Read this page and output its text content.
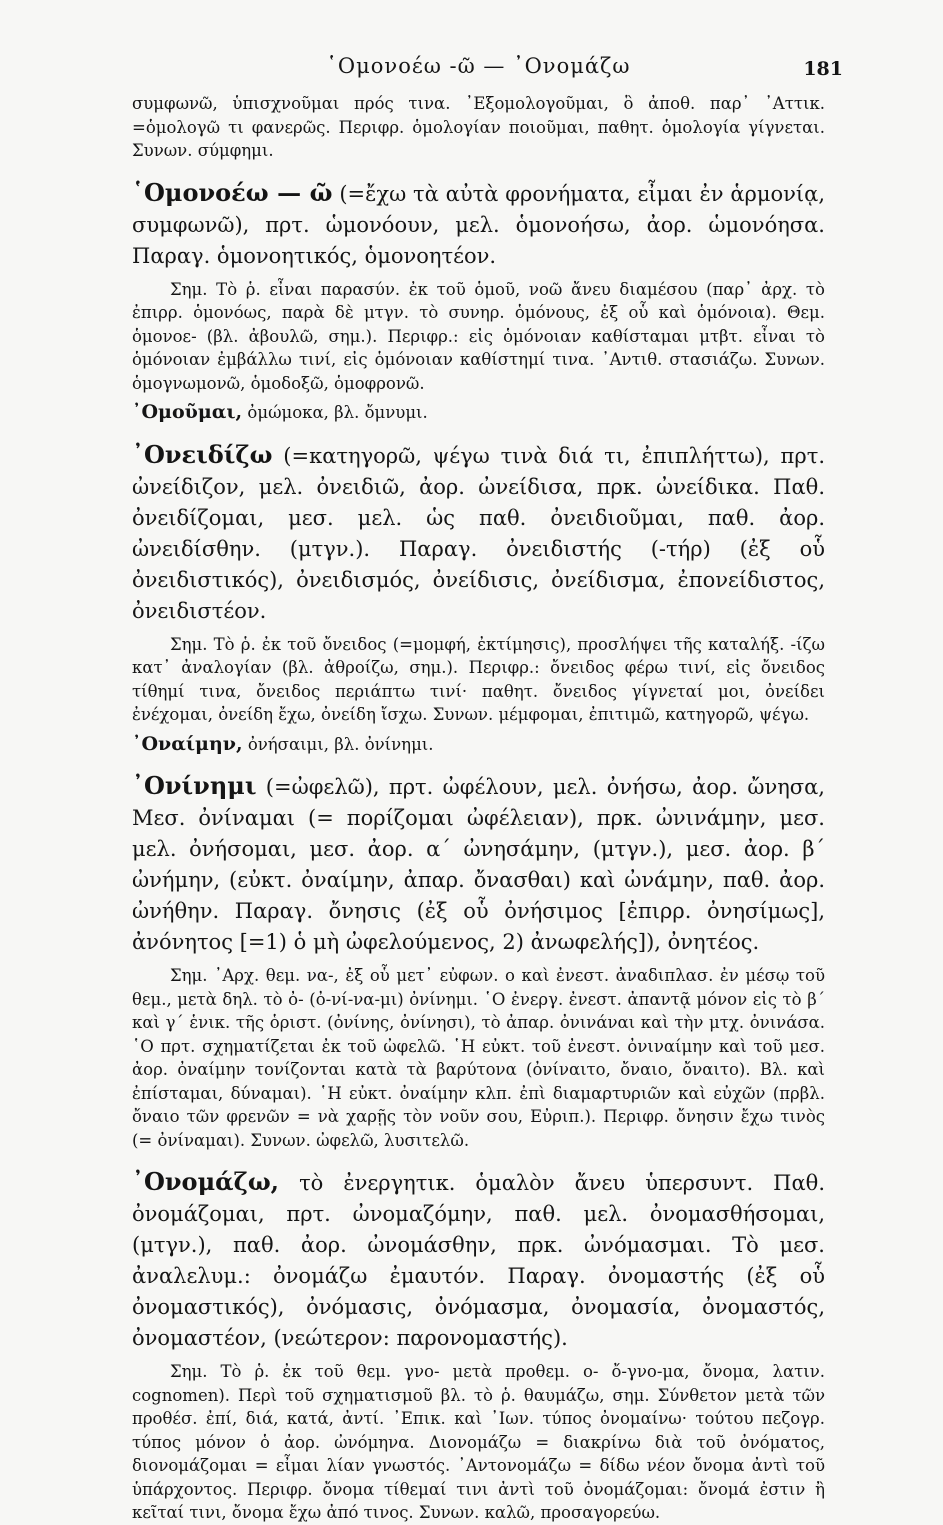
῾Ομονοέω -ῶ — ᾿Ονομάζω	181

συμφωνῶ, ὑπισχνοῦμαι πρός τινα. ᾿Εξομολογοῦμαι, ὃ ἀποθ. παρ᾿ ᾿Αττικ. =ὁμολογῶ τι φανερῶς. Περιφρ. ὁμολογίαν ποιοῦμαι, παθητ. ὁμολογία γίγνεται. Συνων. σύμφημι.

῾Ομονοέω — ῶ (=ἔχω τὰ αὐτὰ φρονήματα, εἶμαι ἐν ἁρμονίᾳ, συμφωνῶ), πρτ. ὡμονόουν, μελ. ὁμονοήσω, ἀορ. ὡμονόησα. Παραγ. ὁμονοητικός, ὁμονοητέον.

Σημ. Τὸ ῥ. εἶναι παρασύν. ἐκ τοῦ ὁμοῦ, νοῶ ἄνευ διαμέσου (παρ᾿ ἀρχ. τὸ ἐπιρρ. ὁμονόως, παρὰ δὲ μτγν. τὸ συνηρ. ὁμόνους, ἐξ οὗ καὶ ὁμόνοια). Θεμ. ὁμονοε- (βλ. ἀβουλῶ, σημ.). Περιφρ.: εἰς ὁμόνοιαν καθίσταμαι μτβτ. εἶναι τὸ ὁμόνοιαν ἐμβάλλω τινί, εἰς ὁμόνοιαν καθίστημί τινα. ᾿Αντιθ. στασιάζω. Συνων. ὁμογνωμονῶ, ὁμοδοξῶ, ὁμοφρονῶ.

᾿Ομοῦμαι, ὀμώμοκα, βλ. ὄμνυμι.

᾿Ονειδίζω (=κατηγορῶ, ψέγω τινὰ διά τι, ἐπιπλήττω), πρτ. ὠνείδιζον, μελ. ὀνειδιῶ, ἀορ. ὠνείδισα, πρκ. ὠνείδικα. Παθ. ὀνειδίζομαι, μεσ. μελ. ὡς παθ. ὀνειδιοῦμαι, παθ. ἀορ. ὠνειδίσθην. (μτγν.). Παραγ. ὀνειδιστής (-τήρ) (ἐξ οὗ ὀνειδιστικός), ὀνειδισμός, ὀνείδισις, ὀνείδισμα, ἐπονείδιστος, ὀνειδιστέον.

Σημ. Τὸ ῥ. ἐκ τοῦ ὄνειδος (=μομφή, ἐκτίμησις), προσλήψει τῆς καταλήξ. -ίζω κατ᾿ ἀναλογίαν (βλ. ἀθροίζω, σημ.). Περιφρ.: ὄνειδος φέρω τινί, εἰς ὄνειδος τίθημί τινα, ὄνειδος περιάπτω τινί· παθητ. ὄνειδος γίγνεταί μοι, ὀνείδει ἐνέχομαι, ὀνείδη ἔχω, ὀνείδη ἴσχω. Συνων. μέμφομαι, ἐπιτιμῶ, κατηγορῶ, ψέγω.

᾿Οναίμην, ὀνήσαιμι, βλ. ὀνίνημι.

᾿Ονίνημι (=ὠφελῶ), πρτ. ὠφέλουν, μελ. ὀνήσω, ἀορ. ὤνησα, Μεσ. ὀνίναμαι (= πορίζομαι ὠφέλειαν), πρκ. ὠνινάμην, μεσ. μελ. ὀνήσομαι, μεσ. ἀορ. α´ ὠνησάμην, (μτγν.), μεσ. ἀορ. β´ ὠνήμην, (εὐκτ. ὀναίμην, ἀπαρ. ὄνασθαι) καὶ ὠνάμην, παθ. ἀορ. ὠνήθην. Παραγ. ὄνησις (ἐξ οὗ ὀνήσιμος [ἐπιρρ. ὀνησίμως], ἀνόνητος [=1) ὁ μὴ ὠφελούμενος, 2) ἀνωφελής]), ὀνητέος.

Σημ. ᾿Αρχ. θεμ. να-, ἐξ οὗ μετ᾿ εὐφων. ο καὶ ἐνεστ. ἀναδιπλασ. ἐν μέσῳ τοῦ θεμ., μετὰ δηλ. τὸ ὀ- (ὀ-νί-να-μι) ὀνίνημι. ῾Ο ἐνεργ. ἐνεστ. ἀπαντᾷ μόνον εἰς τὸ β´ καὶ γ´ ἑνικ. τῆς ὁριστ. (ὀνίνης, ὀνίνησι), τὸ ἀπαρ. ὀνινάναι καὶ τὴν μτχ. ὀνινάσα. ῾Ο πρτ. σχηματίζεται ἐκ τοῦ ὠφελῶ. ῾Η εὐκτ. τοῦ ἐνεστ. ὀνιναίμην καὶ τοῦ μεσ. ἀορ. ὀναίμην τονίζονται κατὰ τὰ βαρύτονα (ὀνίναιτο, ὄναιο, ὄναιτο). Βλ. καὶ ἐπίσταμαι, δύναμαι). ῾Η εὐκτ. ὀναίμην κλπ. ἐπὶ διαμαρτυριῶν καὶ εὐχῶν (πρβλ. ὄναιο τῶν φρενῶν = νὰ χαρῇς τὸν νοῦν σου, Εὐριπ.). Περιφρ. ὄνησιν ἔχω τινὸς (= ὀνίναμαι). Συνων. ὠφελῶ, λυσιτελῶ.

᾿Ονομάζω, τὸ ἐνεργητικ. ὁμαλὸν ἄνευ ὑπερσυντ. Παθ. ὀνομάζομαι, πρτ. ὠνομαζόμην, παθ. μελ. ὀνομασθήσομαι, (μτγν.), παθ. ἀορ. ὠνομάσθην, πρκ. ὠνόμασμαι. Τὸ μεσ. ἀναλελυμ.: ὀνομάζω ἐμαυτόν. Παραγ. ὀνομαστής (ἐξ οὗ ὀνομαστικός), ὀνόμασις, ὀνόμασμα, ὀνομασία, ὀνομαστός, ὀνομαστέον, (νεώτερον: παρονομαστής).

Σημ. Τὸ ῥ. ἐκ τοῦ θεμ. γνο- μετὰ προθεμ. ο- ὄ-γνο-μα, ὄνομα, λατιν. cognomen). Περὶ τοῦ σχηματισμοῦ βλ. τὸ ῥ. θαυμάζω, σημ. Σύνθετον μετὰ τῶν προθέσ. ἐπί, διά, κατά, ἀντί. ᾿Επικ. καὶ ᾿Ιων. τύπος ὀνομαίνω· τούτου πεζογρ. τύπος μόνον ὁ ἀορ. ὠνόμηνα. Διονομάζω = διακρίνω διὰ τοῦ ὀνόματος, διονομάζομαι = εἶμαι λίαν γνωστός. ᾿Αντονομάζω = δίδω νέον ὄνομα ἀντὶ τοῦ ὑπάρχοντος. Περιφρ. ὄνομα τίθεμαί τινι ἀντὶ τοῦ ὀνομάζομαι: ὄνομά ἐστιν ἢ κεῖταί τινι, ὄνομα ἔχω ἀπό τινος. Συνων. καλῶ, προσαγορεύω.
